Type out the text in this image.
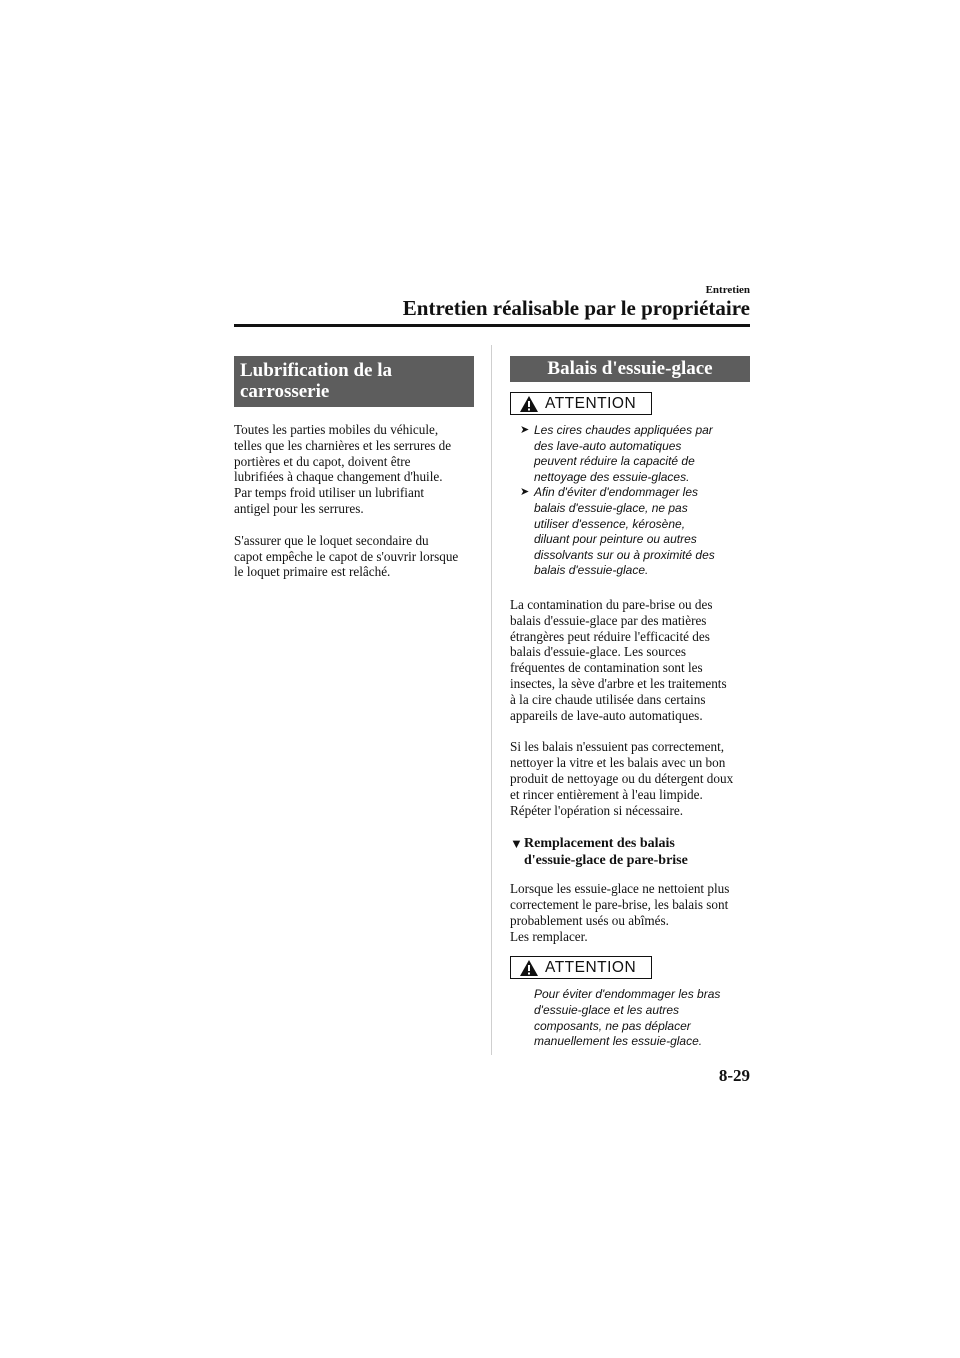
Entretien
Entretien réalisable par le propriétaire

Lubrification de la
carrosserie

Toutes les parties mobiles du véhicule,
telles que les charnières et les serrures de
portières et du capot, doivent être
lubrifiées à chaque changement d'huile.
Par temps froid utiliser un lubrifiant
antigel pour les serrures.

S'assurer que le loquet secondaire du
capot empêche le capot de s'ouvrir lorsque
le loquet primaire est relâché.

Balais d'essuie-glace
ATTENTION
➤ Les cires chaudes appliquées par
des lave-auto automatiques
peuvent réduire la capacité de
nettoyage des essuie-glaces.
➤ Afin d'éviter d'endommager les
balais d'essuie-glace, ne pas
utiliser d'essence, kérosène,
diluant pour peinture ou autres
dissolvants sur ou à proximité des
balais d'essuie-glace.

La contamination du pare-brise ou des
balais d'essuie-glace par des matières
étrangères peut réduire l'efficacité des
balais d'essuie-glace. Les sources
fréquentes de contamination sont les
insectes, la sève d'arbre et les traitements
à la cire chaude utilisée dans certains
appareils de lave-auto automatiques.

Si les balais n'essuient pas correctement,
nettoyer la vitre et les balais avec un bon
produit de nettoyage ou du détergent doux
et rincer entièrement à l'eau limpide.
Répéter l'opération si nécessaire.

▼ Remplacement des balais
d'essuie-glace de pare-brise

Lorsque les essuie-glace ne nettoient plus
correctement le pare-brise, les balais sont
probablement usés ou abîmés.
Les remplacer.

ATTENTION
Pour éviter d'endommager les bras
d'essuie-glace et les autres
composants, ne pas déplacer
manuellement les essuie-glace.
8-29
